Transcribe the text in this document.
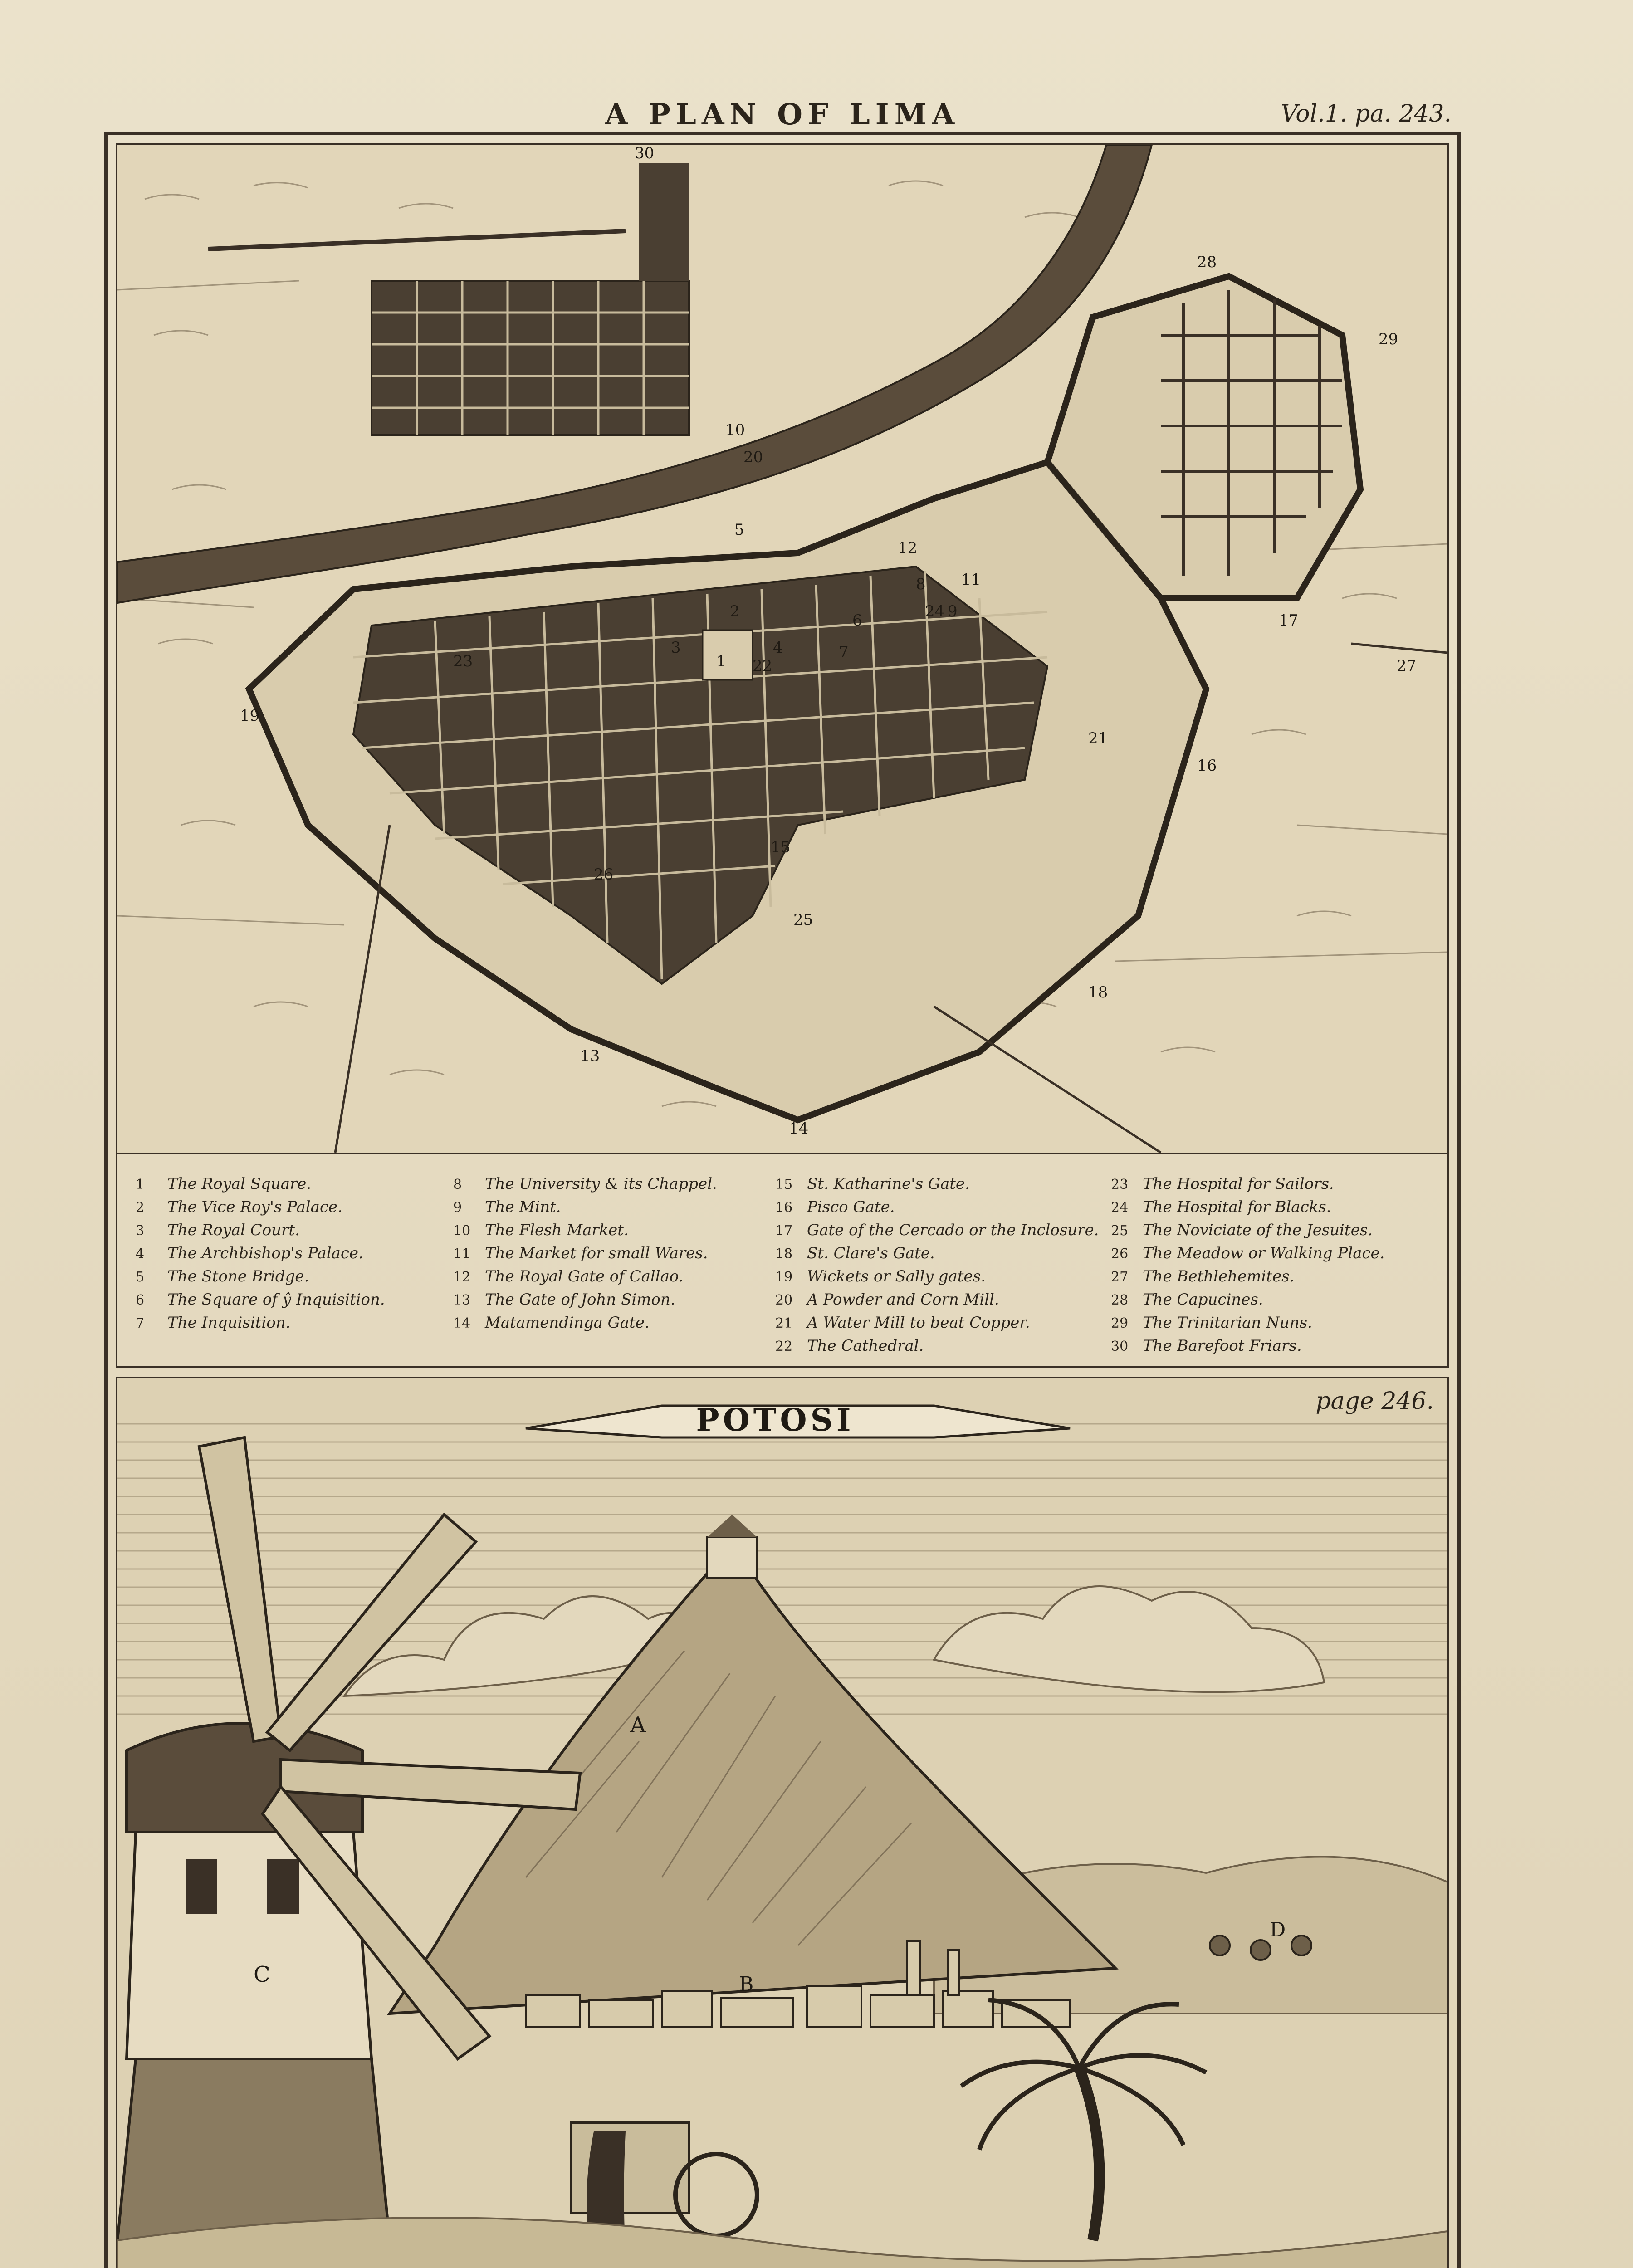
A PLAN OF LIMA	Vol.1. pa. 243.
30
20
10
28
29
27
17
16
18
14
13
19
23
26
25
21
22
24
1
2
3	4
5
6
7
8
9
11
12
15
1 The Royal Square.
2 The Vice Roy's Palace.
3 The Royal Court.
4 The Archbishop's Palace.
5 The Stone Bridge.
6 The Square of ŷ Inquisition.
7 The Inquisition.
8 The University & its Chappel.
9 The Mint.
10 The Flesh Market.
11 The Market for small Wares.
12 The Royal Gate of Callao.
13 The Gate of John Simon.
14 Matamendinga Gate.
15 St. Katharine's Gate.
16 Pisco Gate.
17 Gate of the Cercado or the Inclosure.
18 St. Clare's Gate.
19 Wickets or Sally gates.
20 A Powder and Corn Mill.
21 A Water Mill to beat Copper.
22 The Cathedral.
23 The Hospital for Sailors.
24 The Hospital for Blacks.
25 The Noviciate of the Jesuites.
26 The Meadow or Walking Place.
27 The Bethlehemites.
28 The Capucines.
29 The Trinitarian Nuns.
30 The Barefoot Friars.
POTOSI
A
B
D
C
page 246.
